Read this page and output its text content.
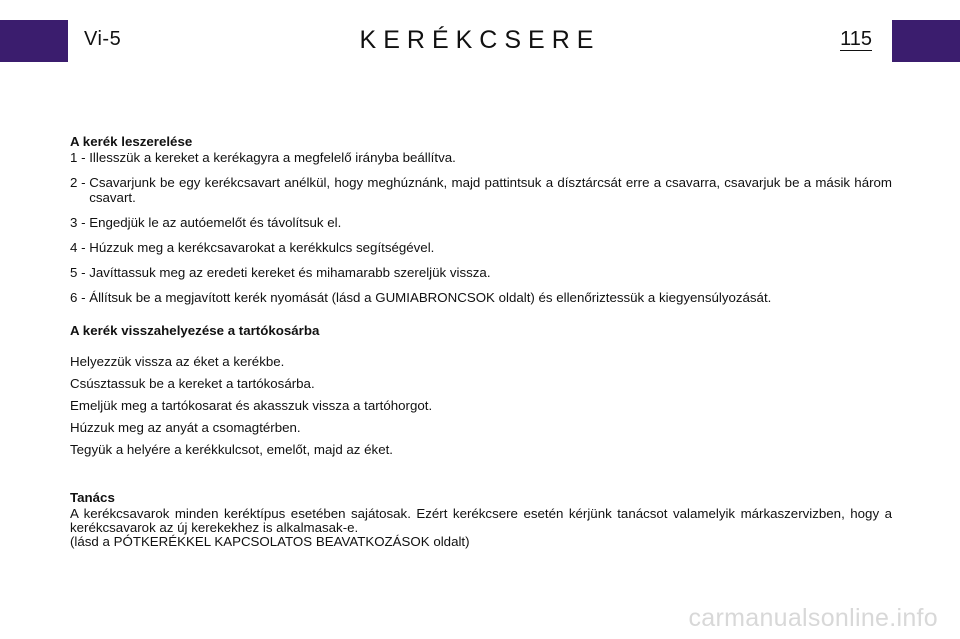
Vi-5	KERÉKCSERE	115
A kerék leszerelése
1 - Illesszük a kereket a kerékagyra a megfelelő irányba beállítva.
2 - Csavarjunk be egy kerékcsavart anélkül, hogy meghúznánk, majd pattintsuk a dísztárcsát erre a csavarra, csavarjuk be a másik három csavart.
3 - Engedjük le az autóemelőt és távolítsuk el.
4 - Húzzuk meg a kerékcsavarokat a kerékkulcs segítségével.
5 - Javíttassuk meg az eredeti kereket és mihamarabb szereljük vissza.
6 - Állítsuk be a megjavított kerék nyomását (lásd a GUMIABRONCSOK oldalt) és ellenőriztessük a kiegyensúlyozását.
A kerék visszahelyezése a tartókosárba

Helyezzük vissza az éket a kerékbe.

Csúsztassuk be a kereket a tartókosárba.

Emeljük meg a tartókosarat és akasszuk vissza a tartóhorgot.

Húzzuk meg az anyát a csomagtérben.

Tegyük a helyére a kerékkulcsot, emelőt, majd az éket.

Tanács

A kerékcsavarok minden keréktípus esetében sajátosak. Ezért kerékcsere esetén kérjünk tanácsot valamelyik márkaszervizben, hogy a kerékcsavarok az új kerekekhez is alkalmasak-e.

(lásd a PÓTKERÉKKEL KAPCSOLATOS BEAVATKOZÁSOK oldalt)

carmanualsonline.info
